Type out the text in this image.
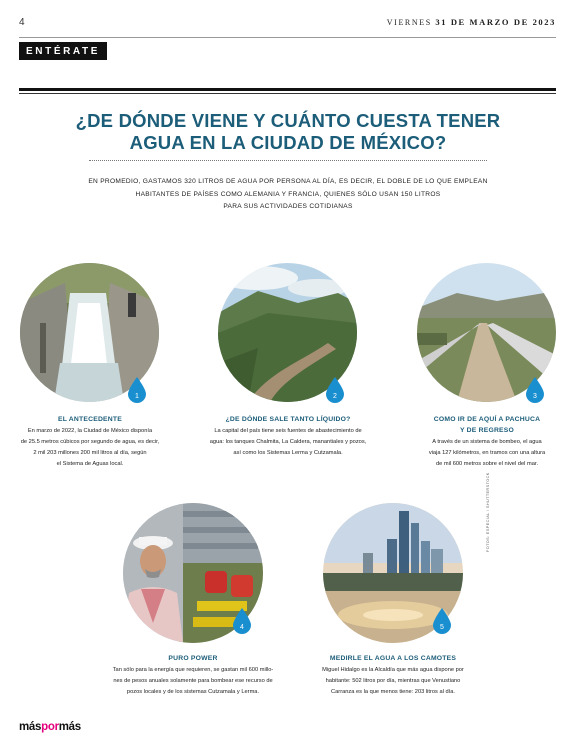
4	VIERNES 31 DE MARZO DE 2023
ENTÉRATE
¿DE DÓNDE VIENE Y CUÁNTO CUESTA TENER
AGUA EN LA CIUDAD DE MÉXICO?
EN PROMEDIO, GASTAMOS 320 LITROS DE AGUA POR PERSONA AL DÍA, ES DECIR, EL DOBLE DE LO QUE EMPLEAN
HABITANTES DE PAÍSES COMO ALEMANIA Y FRANCIA, QUIENES SÓLO USAN 150 LITROS
PARA SUS ACTIVIDADES COTIDIANAS
1	2	3
EL ANTECEDENTE
En marzo de 2022, la Ciudad de México disponía
de 25.5 metros cúbicos por segundo de agua, es decir,
2 mil 203 millones 200 mil litros al día, según
el Sistema de Aguas local.
¿DE DÓNDE SALE TANTO LÍQUIDO?
La capital del país tiene seis fuentes de abastecimiento de
agua: los tanques Chalmita, La Caldera, manantiales y pozos,
así como los Sistemas Lerma y Cutzamala.
COMO IR DE AQUÍ A PACHUCA
Y DE REGRESO
A través de un sistema de bombeo, el agua
viaja 127 kilómetros, en tramos con una altura
de mil 600 metros sobre el nivel del mar.
4	5
FOTOS: ESPECIAL / SHUTTERSTOCK
PURO POWER
Tan sólo para la energía que requieren, se gastan mil 600 millo-
nes de pesos anuales solamente para bombear ese recurso de
pozos locales y de los sistemas Cutzamala y Lerma.
MEDIRLE EL AGUA A LOS CAMOTES
Miguel Hidalgo es la Alcaldía que más agua dispone por
habitante: 502 litros por día, mientras que Venustiano
Carranza es la que menos tiene: 203 litros al día.
máspormás
